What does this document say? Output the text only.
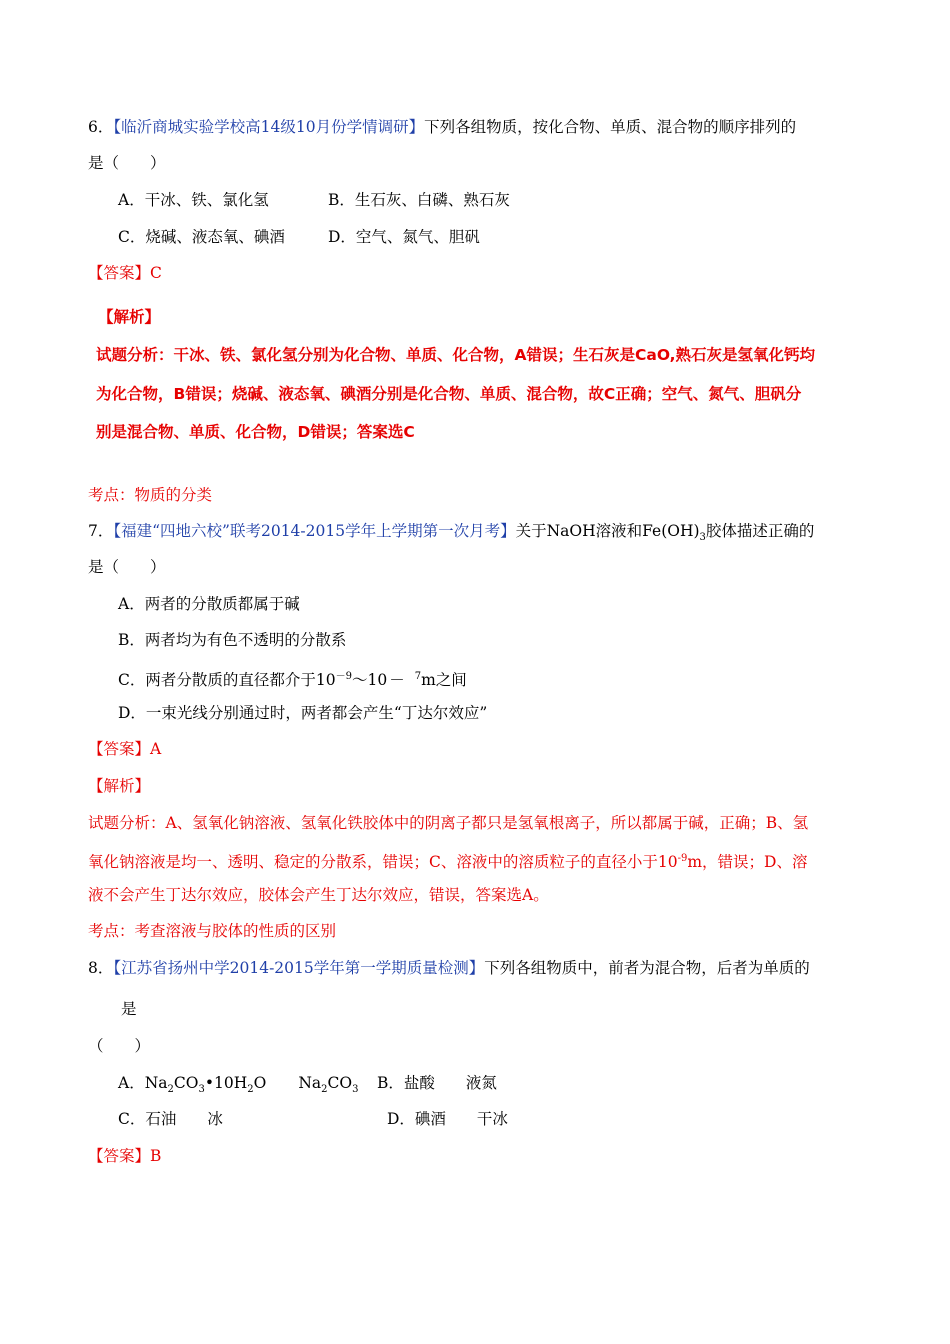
6．【临沂商城实验学校高14级10月份学情调研】下列各组物质，按化合物、单质、混合物的顺序排列的
是（　　）
A．干冰、铁、氯化氢	B．生石灰、白磷、熟石灰
C．烧碱、液态氧、碘酒	D．空气、氮气、胆矾
【答案】C
【解析】
试题分析：干冰、铁、氯化氢分别为化合物、单质、化合物，A错误；生石灰是CaO,熟石灰是氢氧化钙均
为化合物，B错误；烧碱、液态氧、碘酒分别是化合物、单质、混合物，故C正确；空气、氮气、胆矾分
别是混合物、单质、化合物，D错误；答案选C
考点：物质的分类
7．【福建“四地六校”联考2014-2015学年上学期第一次月考】关于NaOH溶液和$Fe(OH)_3$胶体描述正确的
是（　　）
A．两者的分散质都属于碱
B．两者均为有色不透明的分散系
C．两者分散质的直径都介于$10^{-9}\sim 10 - ^7m$之间
D．一束光线分别通过时，两者都会产生“丁达尔效应”
【答案】A
【解析】
试题分析：A、氢氧化钠溶液、氢氧化铁胶体中的阴离子都只是氢氧根离子，所以都属于碱，正确；B、氢
氧化钠溶液是均一、透明、稳定的分散系，错误；C、溶液中的溶质粒子的直径小于$10^{-9}m$，错误；D、溶
液不会产生丁达尔效应，胶体会产生丁达尔效应，错误，答案选A。
考点：考查溶液与胶体的性质的区别
8．【江苏省扬州中学2014-2015学年第一学期质量检测】下列各组物质中，前者为混合物，后者为单质的
是
（　　）
A．$Na_2CO_3•10H_2O$ $Na_2CO_3$ B．盐酸　　液氮
C．石油　　冰	D．碘酒　　干冰
【答案】B
